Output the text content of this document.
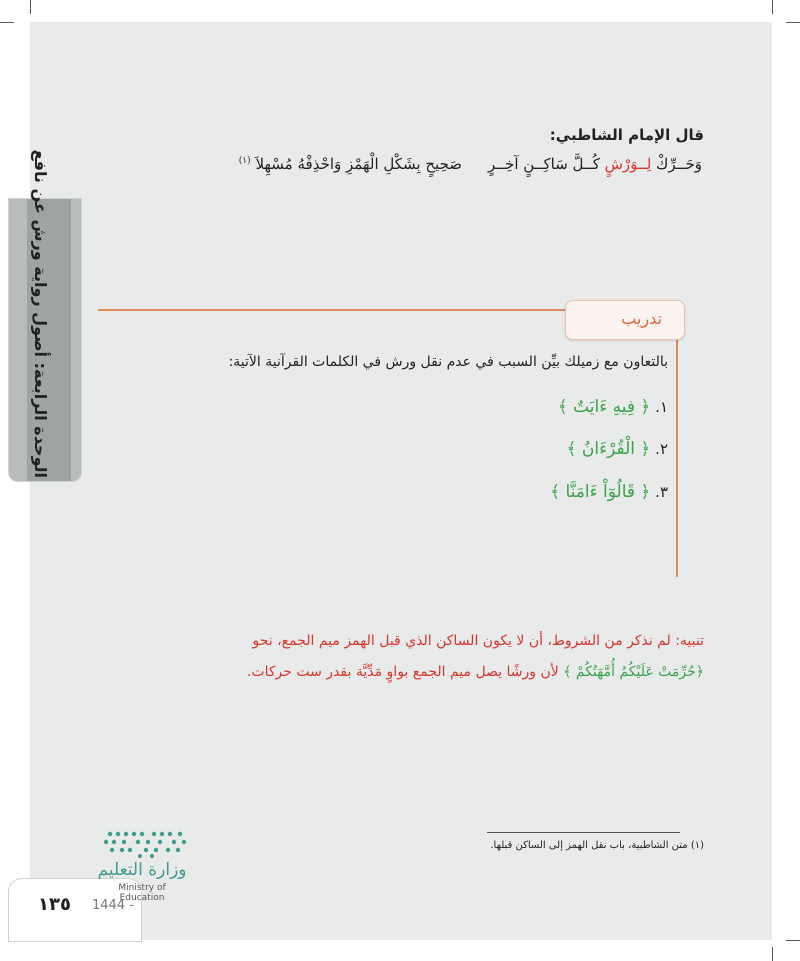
الوحدة الرابعة: أصول رواية ورش عن نافع
قال الإمام الشاطبي:
وَحَــرِّكْ لِــوَرْشٍ كُــلَّ سَاكِــنٍ آخِــرٍ
صَحِيحٍ بِشَكْلِ الْهَمْزِ وَاحْذِفْهُ مُسْهِلاَ $^{(١)}$
تدريب
بالتعاون مع زميلك بيِّن السبب في عدم نقل ورش في الكلمات القرآنية الآتية:
١. ﴿ فِيهِ ءَايَتٌ ﴾
٢. ﴿ الْقُرْءَانُ ﴾
٣. ﴿ قَالُوٓاْ ءَامَنَّا ﴾
تنبيه: لم نذكر من الشروط، أن لا يكون الساكن الذي قبل الهمز ميم الجمع، نحو
﴿حُرِّمَتْ عَلَيْكُمُ أُمَّهَتُكُمْ ﴾ لأن ورشًا يصل ميم الجمع بواوٍ مَدِّيَّة بقدر ست حركات.
(١) متن الشاطبية، باب نقل الهمز إلى الساكن قبلها.
وزارة التعليم
Ministry of Education
١٣٥ 1444 -
